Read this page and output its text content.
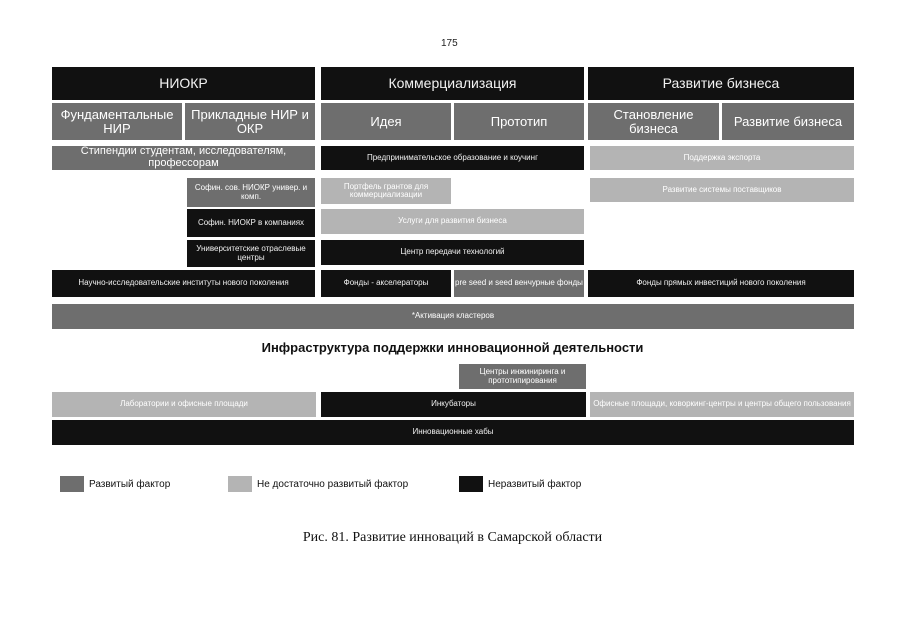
175
НИОКР	Коммерциализация	Развитие бизнеса
Фундаментальные НИР
Прикладные НИР и ОКР	Идея	Прототип	Становление бизнеса	Развитие бизнеса
Стипендии студентам, исследователям, профессорам	Предпринимательское образование и коучинг	Поддержка экспорта
Софин. сов. НИОКР универ. и комп.
Портфель грантов для коммерциализации
Развитие системы поставщиков
Софин. НИОКР в компаниях	Услуги для развития бизнеса
Университетские отраслевые центры
Центр передачи технологий
Научно-исследовательские институты нового поколения	Фонды - акселераторы	pre seed и seed венчурные фонды	Фонды прямых инвестиций нового поколения
*Активация кластеров
Инфраструктура поддержки инновационной деятельности
Центры инжиниринга и прототипирования
Лаборатории и офисные площади	Инкубаторы	Офисные площади, коворкинг-центры и центры общего пользования
Инновационные хабы
Развитый фактор	Не достаточно развитый фактор	Неразвитый фактор
Рис. 81. Развитие инноваций в Самарской области
